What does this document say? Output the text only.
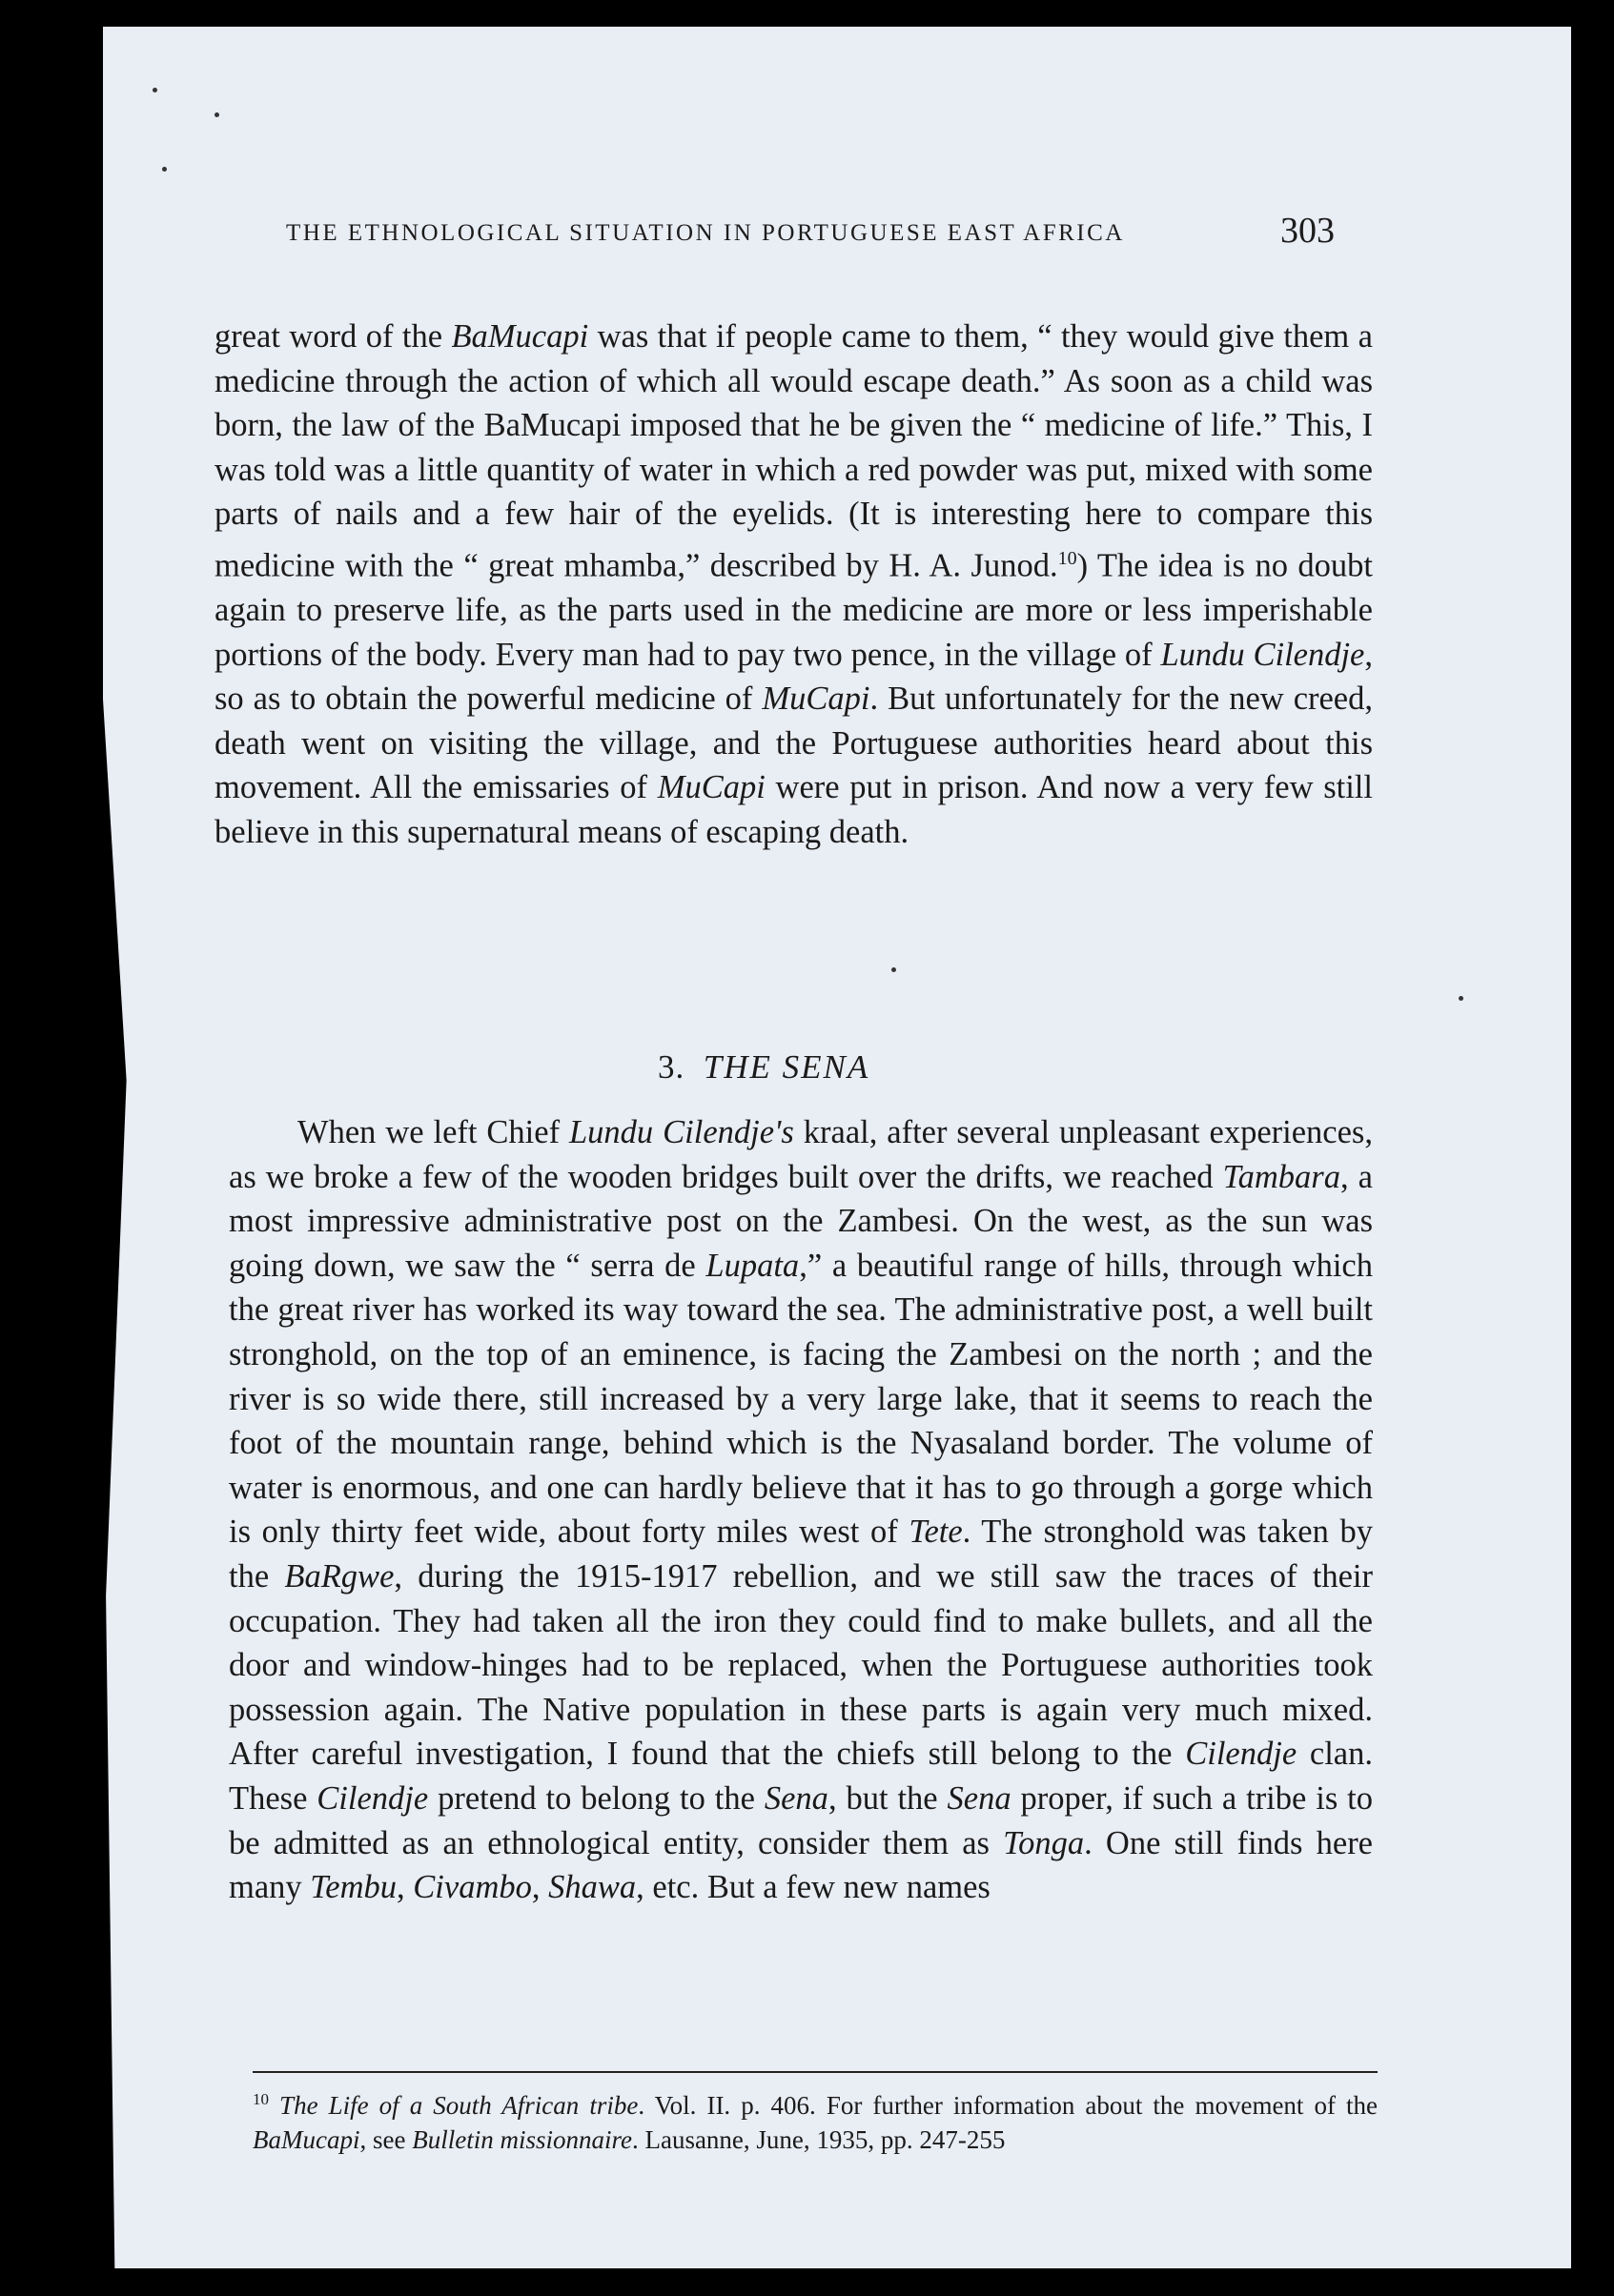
THE ETHNOLOGICAL SITUATION IN PORTUGUESE EAST AFRICA	303

great word of the BaMucapi was that if people came to them, “ they would give them a medicine through the action of which all would escape death.” As soon as a child was born, the law of the BaMucapi imposed that he be given the “ medicine of life.” This, I was told was a little quantity of water in which a red powder was put, mixed with some parts of nails and a few hair of the eyelids. (It is interesting here to compare this medicine with the “ great mhamba,” described by H. A. Junod.$^{10}$) The idea is no doubt again to preserve life, as the parts used in the medicine are more or less imperishable portions of the body. Every man had to pay two pence, in the village of Lundu Cilendje, so as to obtain the powerful medicine of MuCapi. But unfortunately for the new creed, death went on visiting the village, and the Portuguese authorities heard about this movement. All the emissaries of MuCapi were put in prison. And now a very few still believe in this supernatural means of escaping death.

3. THE SENA

When we left Chief Lundu Cilendje's kraal, after several unpleasant experiences, as we broke a few of the wooden bridges built over the drifts, we reached Tambara, a most impressive administrative post on the Zambesi. On the west, as the sun was going down, we saw the “ serra de Lupata,” a beautiful range of hills, through which the great river has worked its way toward the sea. The administrative post, a well built stronghold, on the top of an eminence, is facing the Zambesi on the north ; and the river is so wide there, still increased by a very large lake, that it seems to reach the foot of the mountain range, behind which is the Nyasaland border. The volume of water is enormous, and one can hardly believe that it has to go through a gorge which is only thirty feet wide, about forty miles west of Tete. The stronghold was taken by the BaRgwe, during the 1915-1917 rebellion, and we still saw the traces of their occupation. They had taken all the iron they could find to make bullets, and all the door and window-hinges had to be replaced, when the Portuguese authorities took possession again. The Native population in these parts is again very much mixed. After careful investigation, I found that the chiefs still belong to the Cilendje clan. These Cilendje pretend to belong to the Sena, but the Sena proper, if such a tribe is to be admitted as an ethnological entity, consider them as Tonga. One still finds here many Tembu, Civambo, Shawa, etc. But a few new names

$^{10}$ The Life of a South African tribe. Vol. II. p. 406. For further information about the movement of the BaMucapi, see Bulletin missionnaire. Lausanne, June, 1935, pp. 247-255
